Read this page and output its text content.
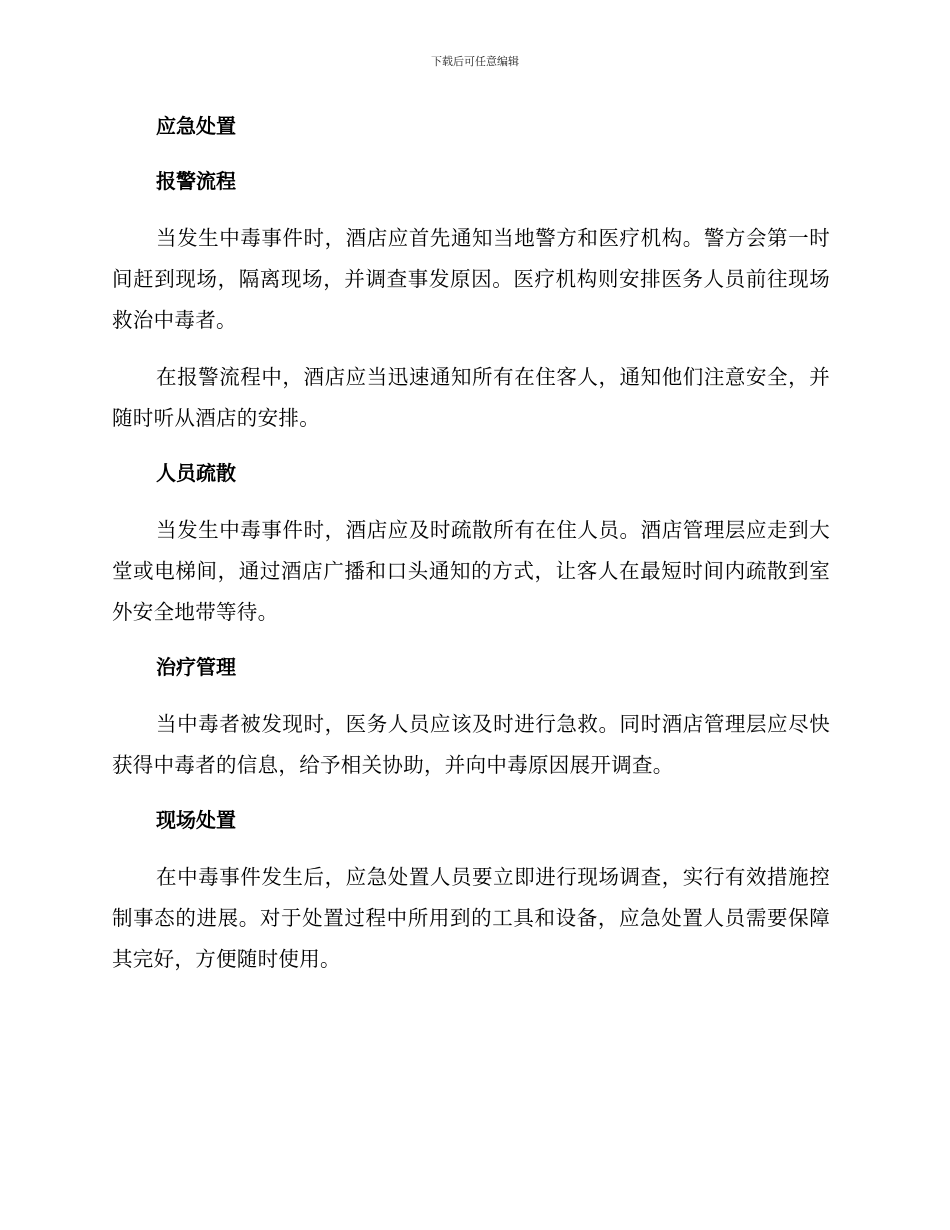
下载后可任意编辑
应急处置
报警流程

当发生中毒事件时，酒店应首先通知当地警方和医疗机构。警方会第一时间赶到现场，隔离现场，并调查事发原因。医疗机构则安排医务人员前往现场救治中毒者。

在报警流程中，酒店应当迅速通知所有在住客人，通知他们注意安全，并随时听从酒店的安排。

人员疏散

当发生中毒事件时，酒店应及时疏散所有在住人员。酒店管理层应走到大堂或电梯间，通过酒店广播和口头通知的方式，让客人在最短时间内疏散到室外安全地带等待。

治疗管理

当中毒者被发现时，医务人员应该及时进行急救。同时酒店管理层应尽快获得中毒者的信息，给予相关协助，并向中毒原因展开调查。

现场处置

在中毒事件发生后，应急处置人员要立即进行现场调查，实行有效措施控制事态的进展。对于处置过程中所用到的工具和设备，应急处置人员需要保障其完好，方便随时使用。
